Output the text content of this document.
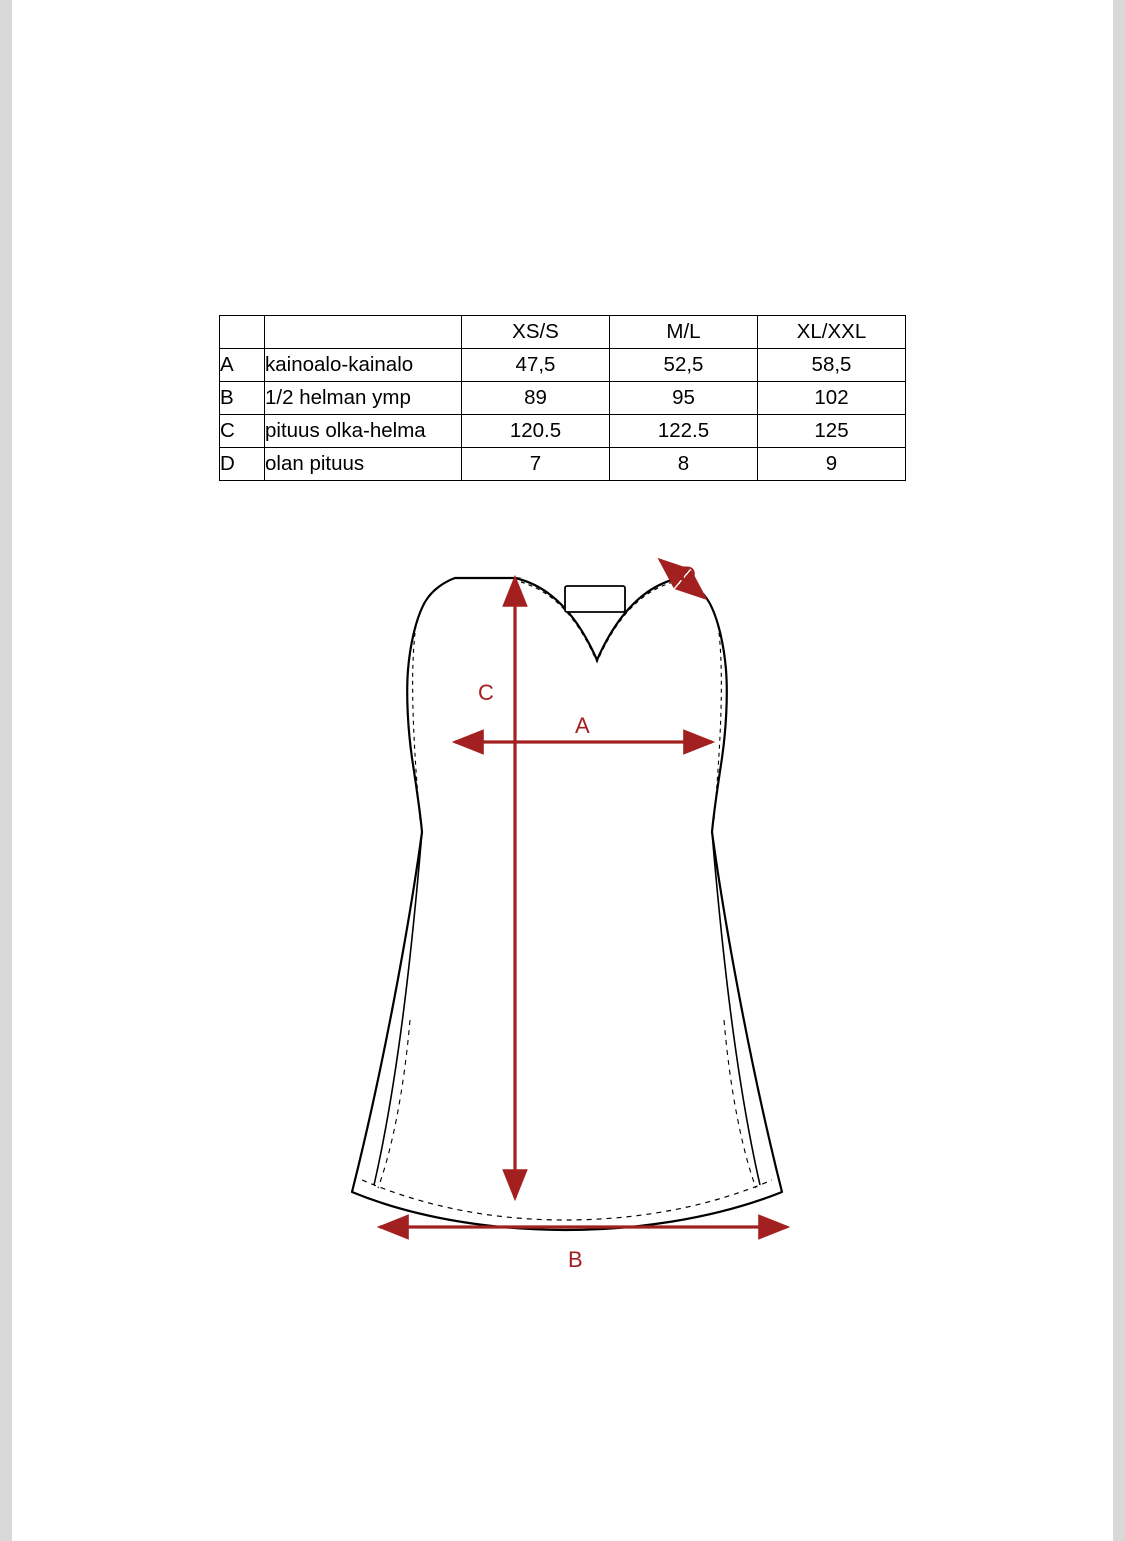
		XS/S	M/L	XL/XXL
A	kainoalo-kainalo	47,5	52,5	58,5
B	1/2 helman ymp	89	95	102
C	pituus olka-helma	120.5	122.5	125
D	olan pituus	7	8	9
D
C
A
B
